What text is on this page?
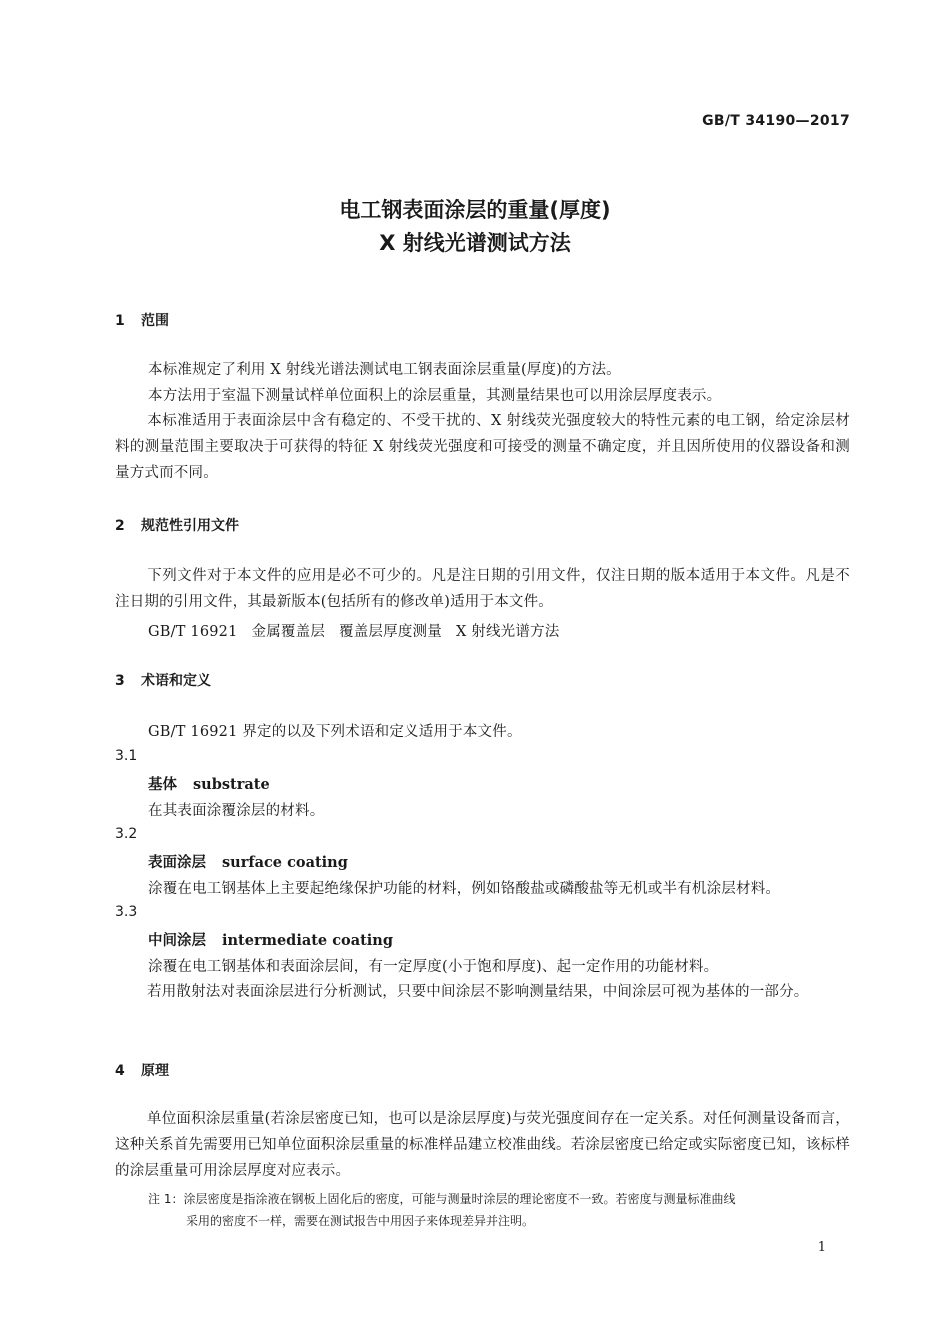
GB/T 34190—2017
电工钢表面涂层的重量(厚度)
X 射线光谱测试方法
1 范围
本标准规定了利用 X 射线光谱法测试电工钢表面涂层重量(厚度)的方法。
本方法用于室温下测量试样单位面积上的涂层重量，其测量结果也可以用涂层厚度表示。
本标准适用于表面涂层中含有稳定的、不受干扰的、X 射线荧光强度较大的特性元素的电工钢，给定涂层材料的测量范围主要取决于可获得的特征 X 射线荧光强度和可接受的测量不确定度，并且因所使用的仪器设备和测量方式而不同。
2 规范性引用文件
下列文件对于本文件的应用是必不可少的。凡是注日期的引用文件，仅注日期的版本适用于本文件。凡是不注日期的引用文件，其最新版本(包括所有的修改单)适用于本文件。
GB/T 16921 金属覆盖层 覆盖层厚度测量 X 射线光谱方法
3 术语和定义
GB/T 16921 界定的以及下列术语和定义适用于本文件。
3.1
基体 substrate
在其表面涂覆涂层的材料。
3.2
表面涂层 surface coating
涂覆在电工钢基体上主要起绝缘保护功能的材料，例如铬酸盐或磷酸盐等无机或半有机涂层材料。
3.3
中间涂层 intermediate coating
涂覆在电工钢基体和表面涂层间，有一定厚度(小于饱和厚度)、起一定作用的功能材料。
若用散射法对表面涂层进行分析测试，只要中间涂层不影响测量结果，中间涂层可视为基体的一部分。
4 原理
单位面积涂层重量(若涂层密度已知，也可以是涂层厚度)与荧光强度间存在一定关系。对任何测量设备而言，这种关系首先需要用已知单位面积涂层重量的标准样品建立校准曲线。若涂层密度已给定或实际密度已知，该标样的涂层重量可用涂层厚度对应表示。
注 1：涂层密度是指涂液在钢板上固化后的密度，可能与测量时涂层的理论密度不一致。若密度与测量标准曲线
采用的密度不一样，需要在测试报告中用因子来体现差异并注明。
1
